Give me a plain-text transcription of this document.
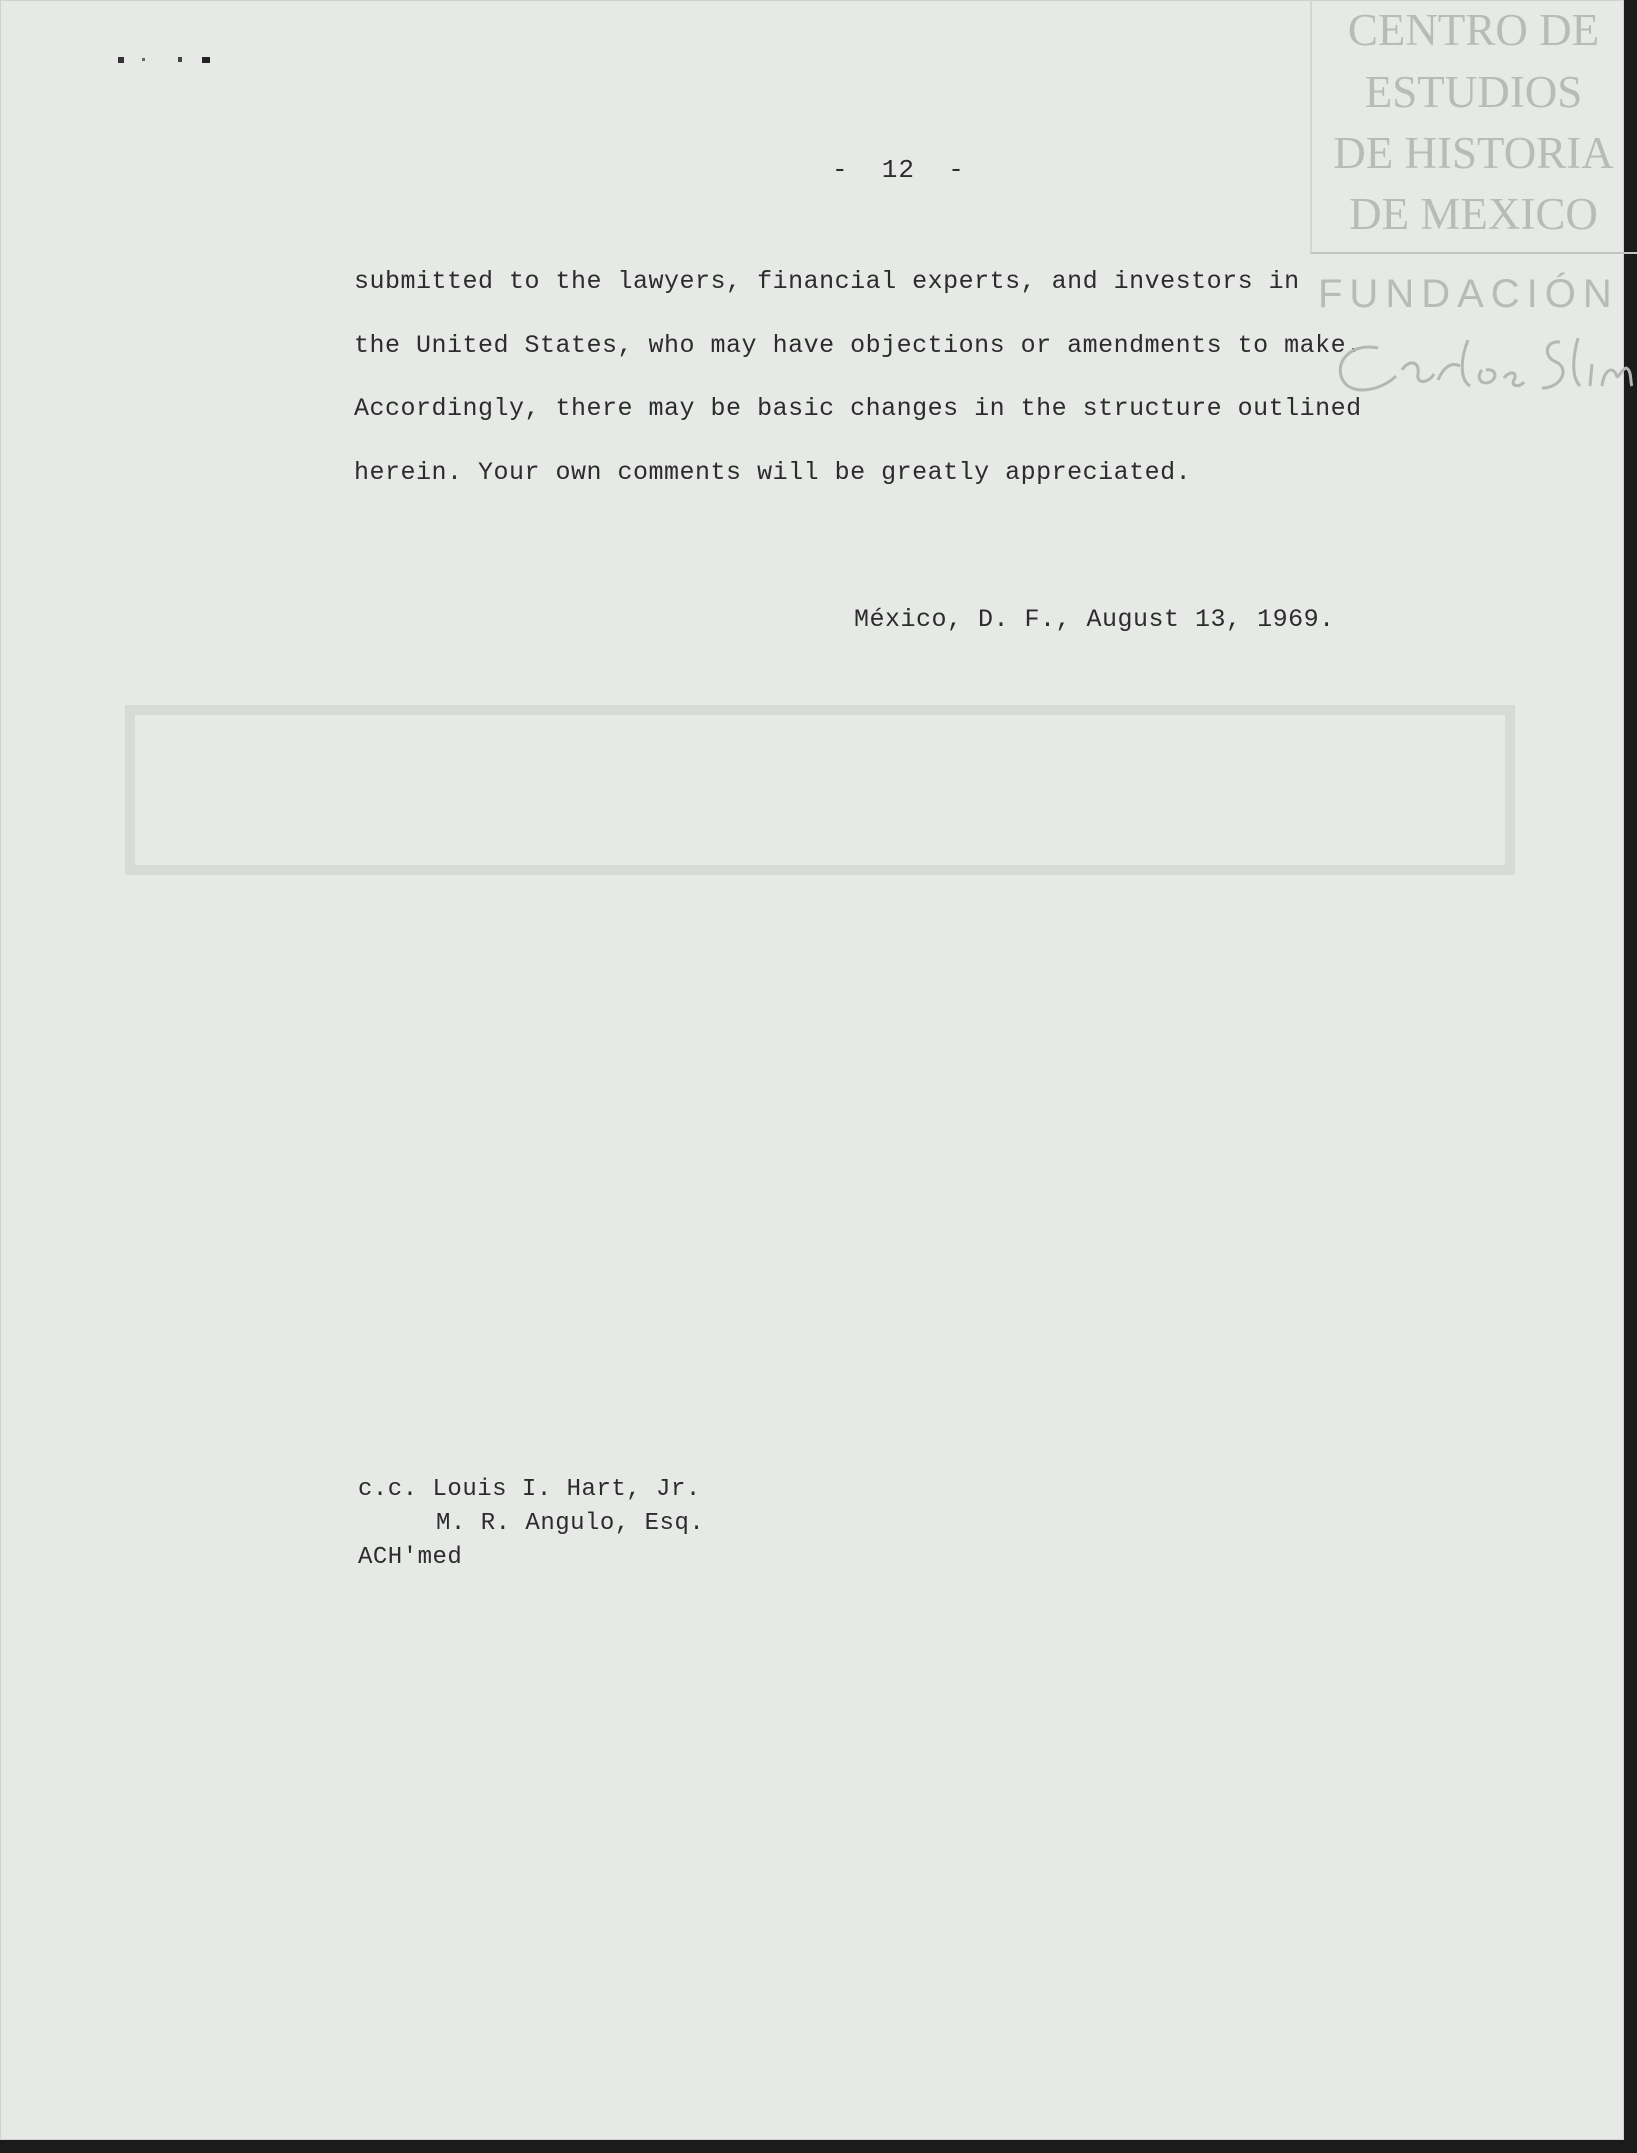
-  12  -

submitted to the lawyers, financial experts, and investors in
the United States, who may have objections or amendments to make.
Accordingly, there may be basic changes in the structure outlined
herein. Your own comments will be greatly appreciated.

México, D. F., August 13, 1969.
c.c. Louis I. Hart, Jr.
M. R. Angulo, Esq.
ACH'med
CENTRO DE
ESTUDIOS
DE HISTORIA
DE MEXICO
FUNDACIÓN
